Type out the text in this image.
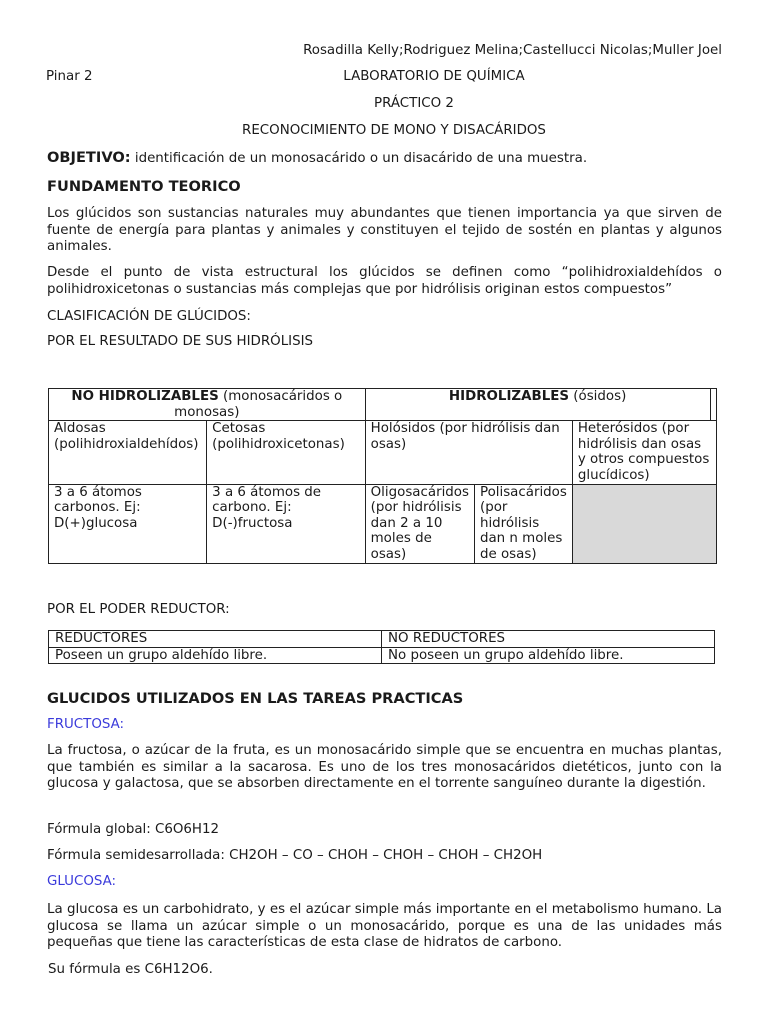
Rosadilla Kelly;Rodriguez Melina;Castellucci Nicolas;Muller Joel
Pinar 2	LABORATORIO DE QUÍMICA
PRÁCTICO 2
RECONOCIMIENTO DE MONO Y DISACÁRIDOS
OBJETIVO: identificación de un monosacárido o un disacárido de una muestra.
FUNDAMENTO TEORICO
Los glúcidos son sustancias naturales muy abundantes que tienen importancia ya que sirven de fuente de energía para plantas y animales y constituyen el tejido de sostén en plantas y algunos animales.
Desde el punto de vista estructural los glúcidos se definen como “polihidroxialdehídos o polihidroxicetonas o sustancias más complejas que por hidrólisis originan estos compuestos”
CLASIFICACIÓN DE GLÚCIDOS:
POR EL RESULTADO DE SUS HIDRÓLISIS
NO HIDROLIZABLES (monosacáridos o monosas)		HIDROLIZABLES (ósidos)			
Aldosas (polihidroxialdehídos)	Cetosas (polihidroxicetonas)	Holósidos (por hidrólisis dan osas)		Heterósidos (por hidrólisis dan osas y otros compuestos glucídicos)	
3 a 6 átomos carbonos. Ej: D(+)glucosa	3 a 6 átomos de carbono. Ej: D(-)fructosa	Oligosacáridos (por hidrólisis dan 2 a 10 moles de osas)	Polisacáridos (por hidrólisis dan n moles de osas)		
POR EL PODER REDUCTOR:
REDUCTORES	NO REDUCTORES
Poseen un grupo aldehído libre.	No poseen un grupo aldehído libre.
GLUCIDOS UTILIZADOS EN LAS TAREAS PRACTICAS
FRUCTOSA:
La fructosa, o azúcar de la fruta, es un monosacárido simple que se encuentra en muchas plantas, que también es similar a la sacarosa. Es uno de los tres monosacáridos dietéticos, junto con la glucosa y galactosa, que se absorben directamente en el torrente sanguíneo durante la digestión.
Fórmula global: C6O6H12
Fórmula semidesarrollada: CH2OH – CO – CHOH – CHOH – CHOH – CH2OH
GLUCOSA:
La glucosa es un carbohidrato, y es el azúcar simple más importante en el metabolismo humano. La glucosa se llama un azúcar simple o un monosacárido, porque es una de las unidades más pequeñas que tiene las características de esta clase de hidratos de carbono.
Su fórmula es C6H12O6.
